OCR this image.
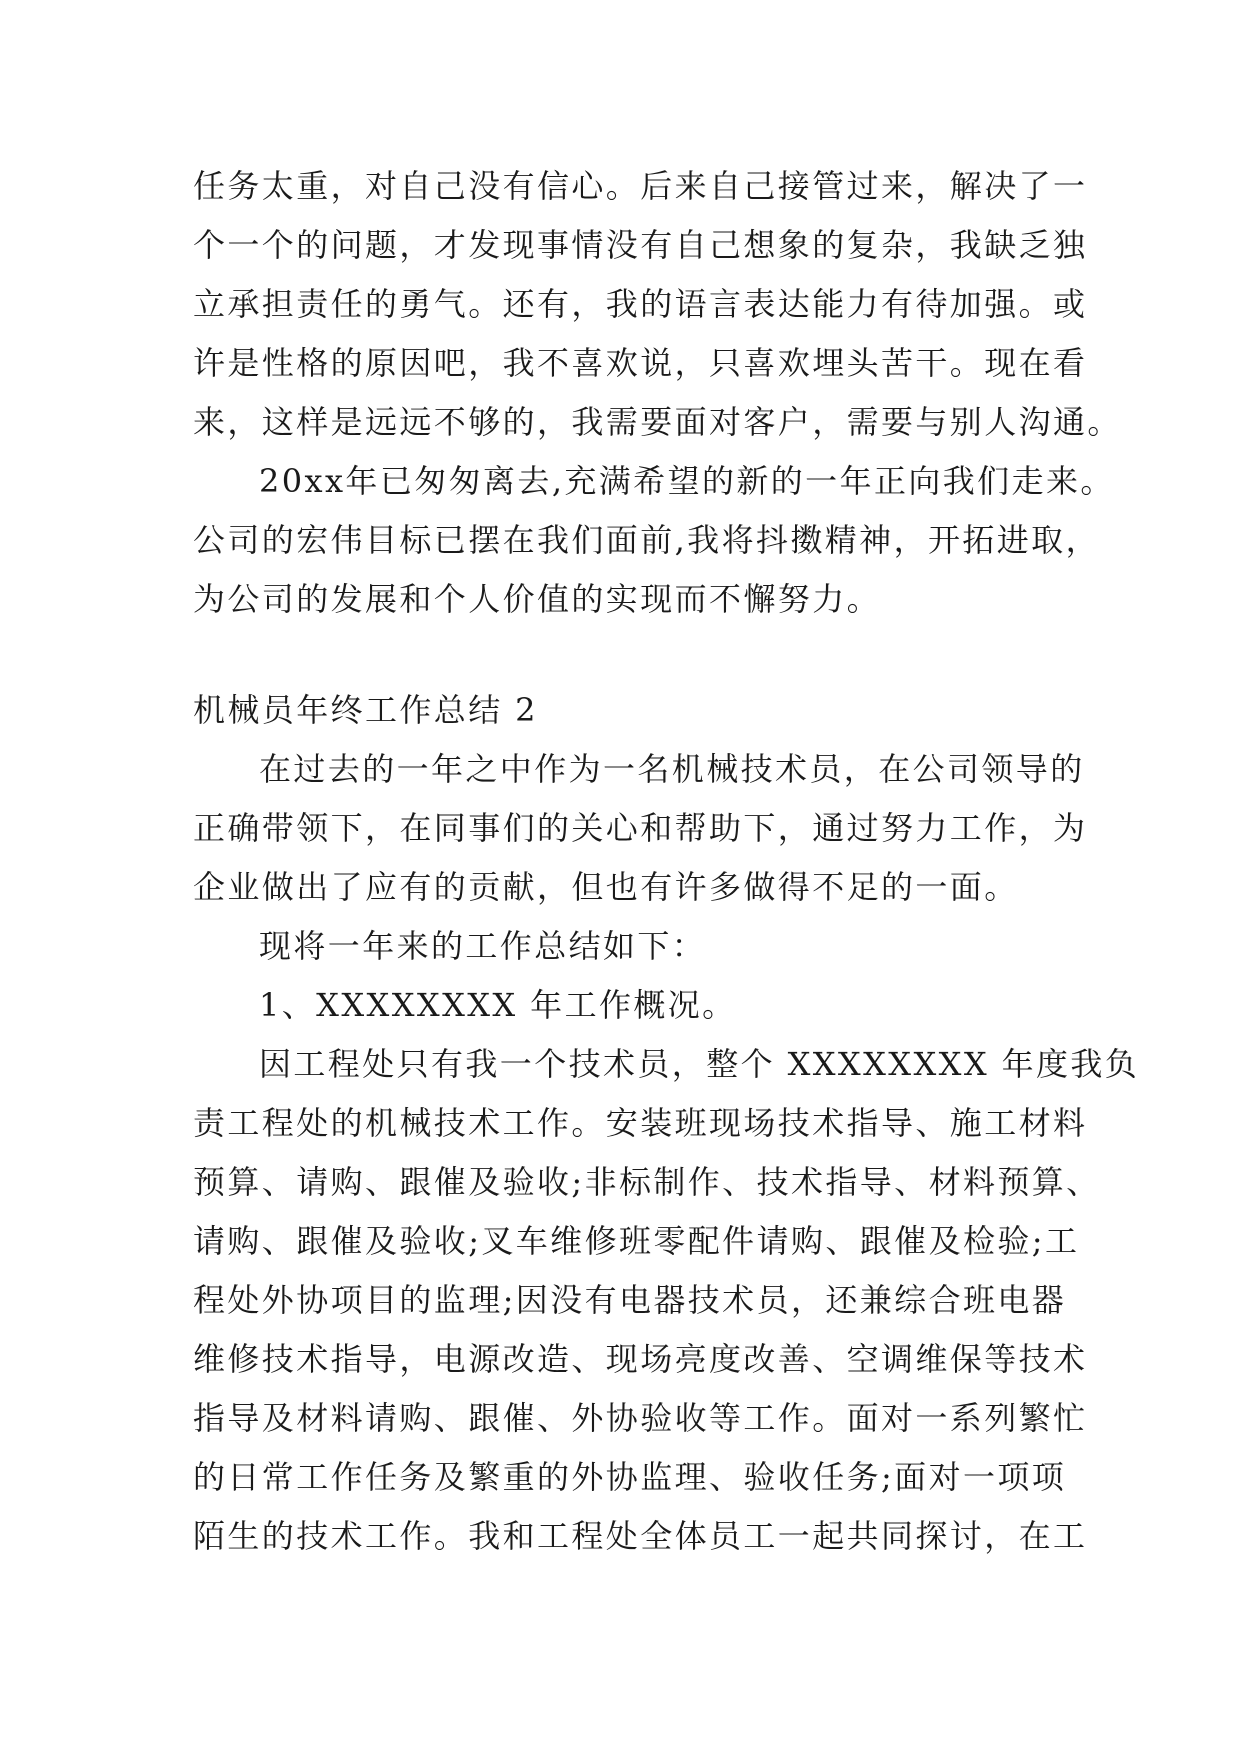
任务太重，对自己没有信心。后来自己接管过来，解决了一
个一个的问题，才发现事情没有自己想象的复杂，我缺乏独
立承担责任的勇气。还有，我的语言表达能力有待加强。或
许是性格的原因吧，我不喜欢说，只喜欢埋头苦干。现在看
来，这样是远远不够的，我需要面对客户，需要与别人沟通。
20xx年已匆匆离去,充满希望的新的一年正向我们走来。
公司的宏伟目标已摆在我们面前,我将抖擞精神，开拓进取，
为公司的发展和个人价值的实现而不懈努力。
机械员年终工作总结 2
在过去的一年之中作为一名机械技术员，在公司领导的
正确带领下，在同事们的关心和帮助下，通过努力工作，为
企业做出了应有的贡献，但也有许多做得不足的一面。
现将一年来的工作总结如下：
1、XXXXXXXX 年工作概况。
因工程处只有我一个技术员，整个 XXXXXXXX 年度我负
责工程处的机械技术工作。安装班现场技术指导、施工材料
预算、请购、跟催及验收;非标制作、技术指导、材料预算、
请购、跟催及验收;叉车维修班零配件请购、跟催及检验;工
程处外协项目的监理;因没有电器技术员，还兼综合班电器
维修技术指导，电源改造、现场亮度改善、空调维保等技术
指导及材料请购、跟催、外协验收等工作。面对一系列繁忙
的日常工作任务及繁重的外协监理、验收任务;面对一项项
陌生的技术工作。我和工程处全体员工一起共同探讨，在工
